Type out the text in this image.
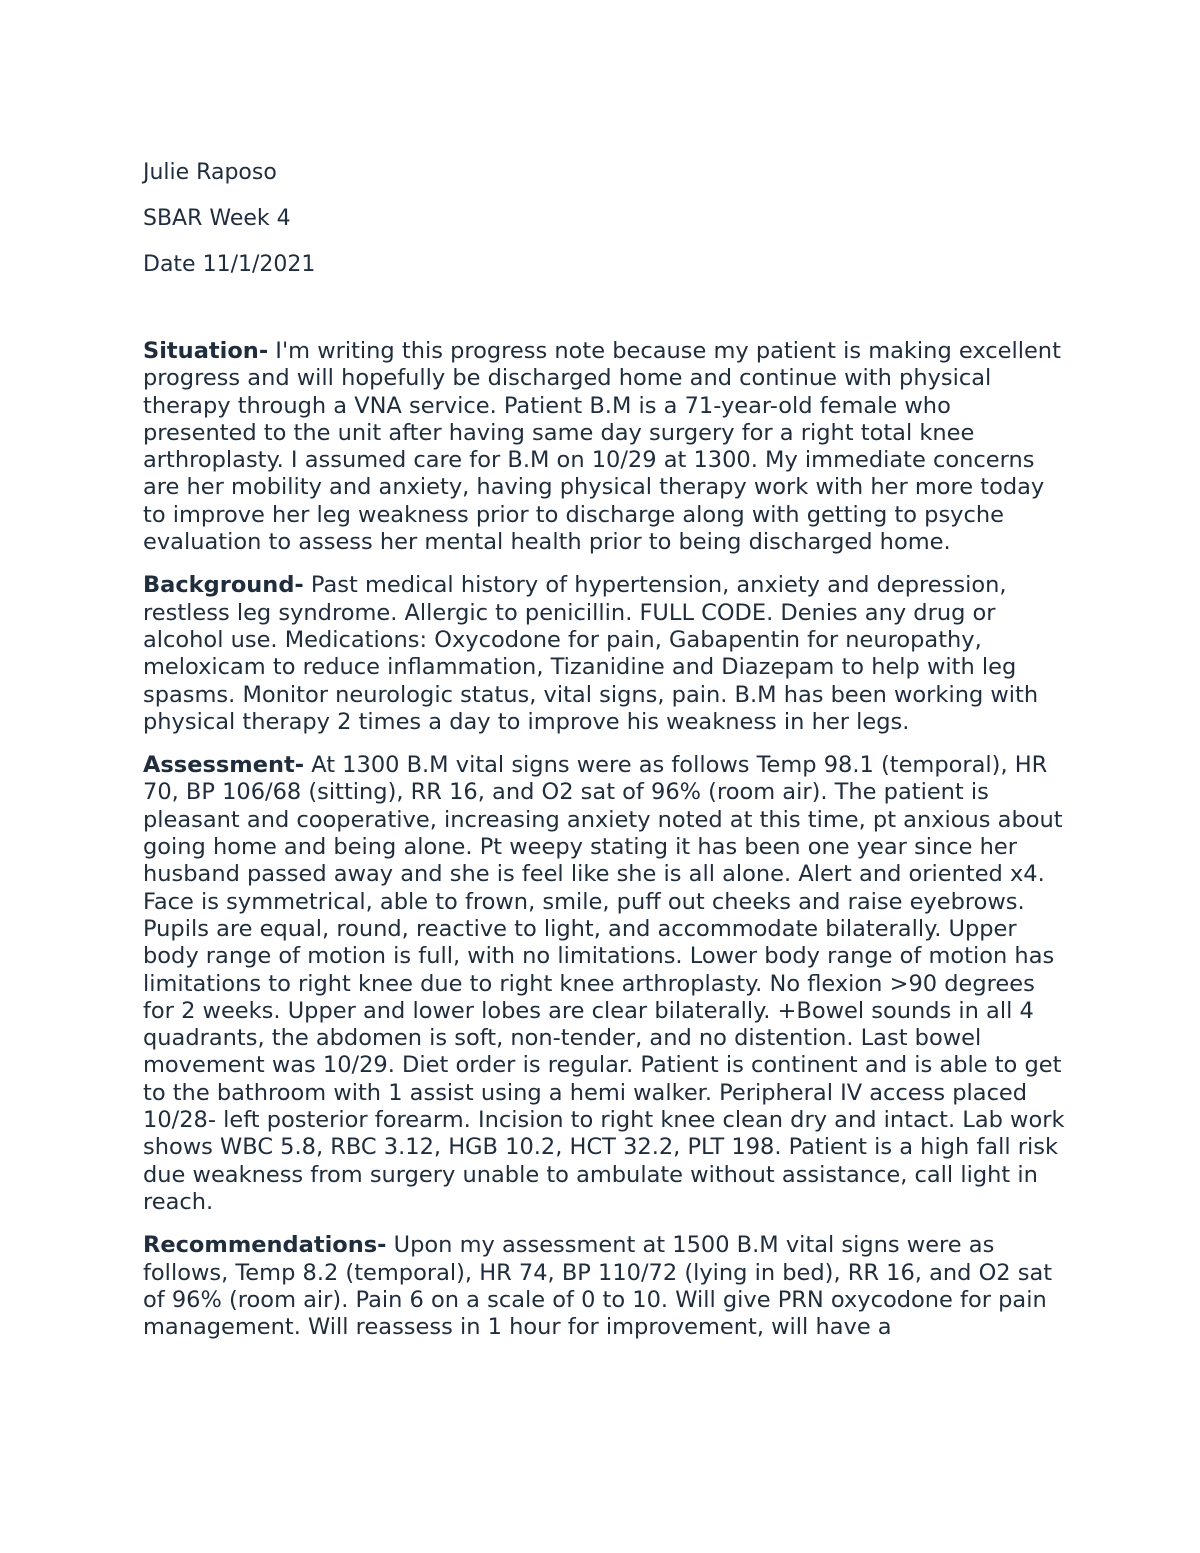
Julie Raposo
SBAR Week 4
Date 11/1/2021

Situation- I'm writing this progress note because my patient is making excellent progress and will hopefully be discharged home and continue with physical therapy through a VNA service. Patient B.M is a 71-year-old female who presented to the unit after having same day surgery for a right total knee arthroplasty. I assumed care for B.M on 10/29 at 1300. My immediate concerns are her mobility and anxiety, having physical therapy work with her more today to improve her leg weakness prior to discharge along with getting to psyche evaluation to assess her mental health prior to being discharged home.

Background- Past medical history of hypertension, anxiety and depression, restless leg syndrome. Allergic to penicillin. FULL CODE. Denies any drug or alcohol use. Medications: Oxycodone for pain, Gabapentin for neuropathy, meloxicam to reduce inflammation, Tizanidine and Diazepam to help with leg spasms. Monitor neurologic status, vital signs, pain. B.M has been working with physical therapy 2 times a day to improve his weakness in her legs.

Assessment- At 1300 B.M vital signs were as follows Temp 98.1 (temporal), HR 70, BP 106/68 (sitting), RR 16, and O2 sat of 96% (room air). The patient is pleasant and cooperative, increasing anxiety noted at this time, pt anxious about going home and being alone. Pt weepy stating it has been one year since her husband passed away and she is feel like she is all alone. Alert and oriented x4. Face is symmetrical, able to frown, smile, puff out cheeks and raise eyebrows. Pupils are equal, round, reactive to light, and accommodate bilaterally. Upper body range of motion is full, with no limitations. Lower body range of motion has limitations to right knee due to right knee arthroplasty. No flexion >90 degrees for 2 weeks. Upper and lower lobes are clear bilaterally. +Bowel sounds in all 4 quadrants, the abdomen is soft, non-tender, and no distention. Last bowel movement was 10/29. Diet order is regular. Patient is continent and is able to get to the bathroom with 1 assist using a hemi walker. Peripheral IV access placed 10/28- left posterior forearm. Incision to right knee clean dry and intact. Lab work shows WBC 5.8, RBC 3.12, HGB 10.2, HCT 32.2, PLT 198. Patient is a high fall risk due weakness from surgery unable to ambulate without assistance, call light in reach.

Recommendations- Upon my assessment at 1500 B.M vital signs were as follows, Temp 8.2 (temporal), HR 74, BP 110/72 (lying in bed), RR 16, and O2 sat of 96% (room air). Pain 6 on a scale of 0 to 10. Will give PRN oxycodone for pain management. Will reassess in 1 hour for improvement, will have a
